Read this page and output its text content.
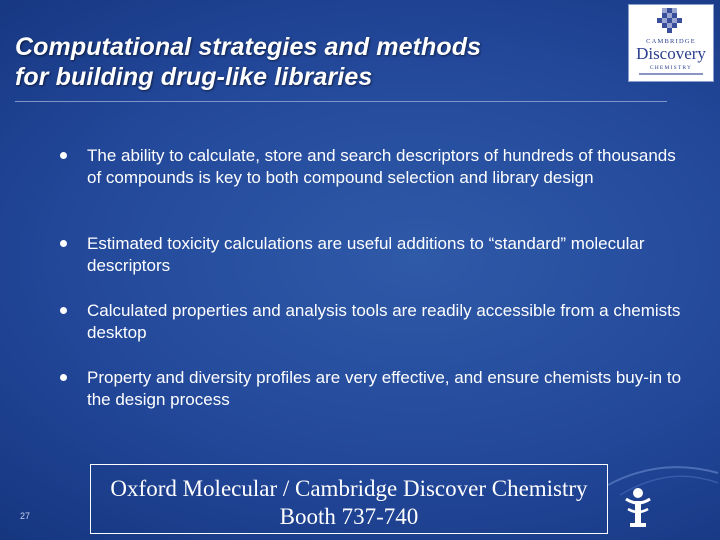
Computational strategies and methods
for building drug-like libraries
CAMBRIDGE
Discovery
CHEMISTRY
The ability to calculate, store and search descriptors of hundreds of thousands of compounds is key to both compound selection and library design
Estimated toxicity calculations are useful additions to “standard” molecular descriptors
Calculated properties and analysis tools are readily accessible from a chemists desktop
Property and diversity profiles are very effective, and ensure chemists buy-in to the design process
27
Oxford Molecular / Cambridge Discover Chemistry
Booth 737-740
